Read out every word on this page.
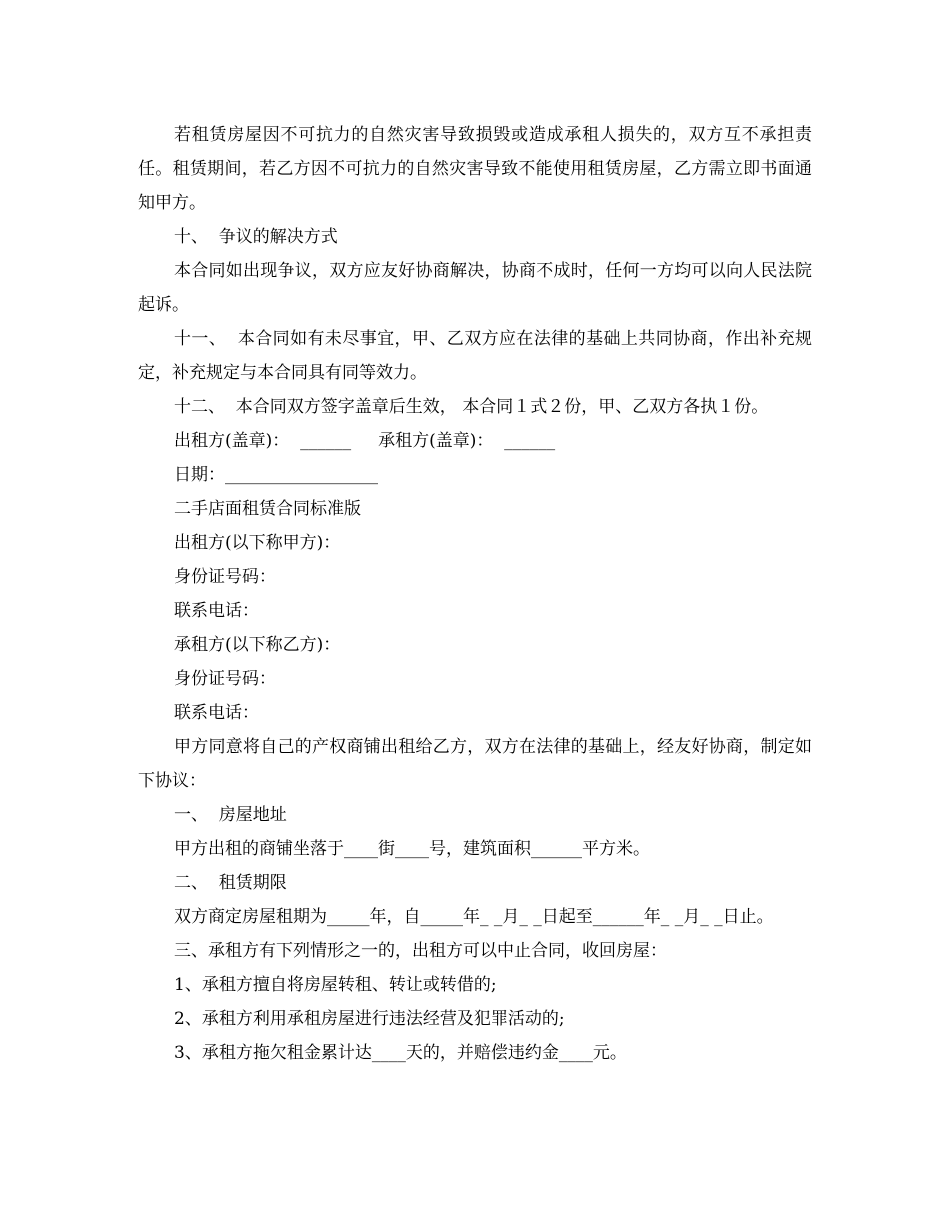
若租赁房屋因不可抗力的自然灾害导致损毁或造成承租人损失的，双方互不承担责任。租赁期间，若乙方因不可抗力的自然灾害导致不能使用租赁房屋，乙方需立即书面通知甲方。

十、  争议的解决方式

本合同如出现争议，双方应友好协商解决，协商不成时，任何一方均可以向人民法院起诉。

十一、  本合同如有未尽事宜，甲、乙双方应在法律的基础上共同协商，作出补充规定，补充规定与本合同具有同等效力。

十二、  本合同双方签字盖章后生效， 本合同１式２份，甲、乙双方各执１份。

出租方(盖章)：  ______     承租方(盖章)：  ______

日期：__________________

二手店面租赁合同标准版

出租方(以下称甲方)：

身份证号码：

联系电话：

承租方(以下称乙方)：

身份证号码：

联系电话：

甲方同意将自己的产权商铺出租给乙方，双方在法律的基础上，经友好协商，制定如下协议：

一、  房屋地址

甲方出租的商铺坐落于____街____号，建筑面积______平方米。

二、  租赁期限

双方商定房屋租期为_____年，自_____年_ _月_ _日起至______年_ _月_ _日止。

三、承租方有下列情形之一的，出租方可以中止合同，收回房屋：

1、承租方擅自将房屋转租、转让或转借的;

2、承租方利用承租房屋进行违法经营及犯罪活动的;

3、承租方拖欠租金累计达____天的，并赔偿违约金____元。
